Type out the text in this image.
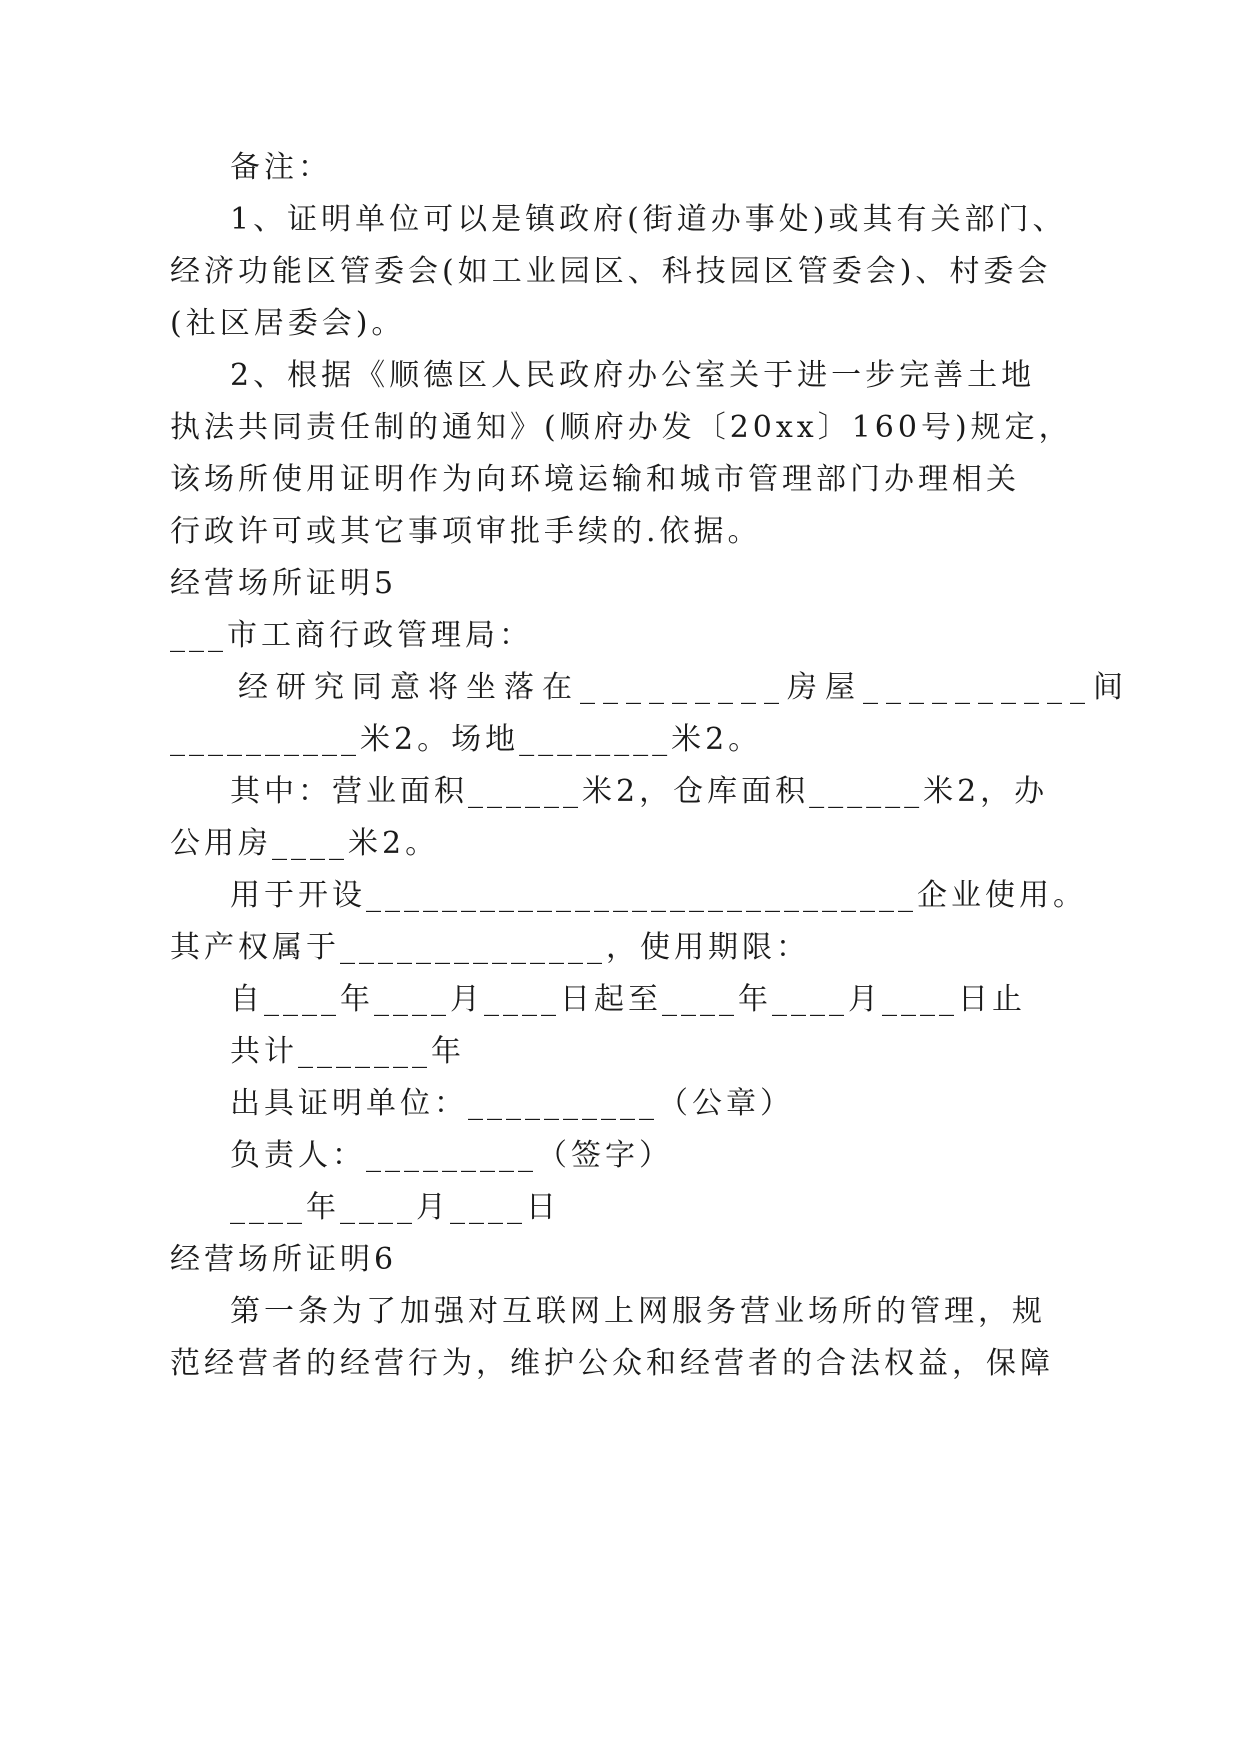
备注：
1、证明单位可以是镇政府(街道办事处)或其有关部门、
经济功能区管委会(如工业园区、科技园区管委会)、村委会
(社区居委会)。
2、根据《顺德区人民政府办公室关于进一步完善土地
执法共同责任制的通知》(顺府办发〔20xx〕160号)规定，
该场所使用证明作为向环境运输和城市管理部门办理相关
行政许可或其它事项审批手续的.依据。
经营场所证明5
___市工商行政管理局：
经研究同意将坐落在_________房屋__________间
__________米2。场地________米2。
其中：营业面积______米2，仓库面积______米2，办
公用房____米2。
用于开设_____________________________企业使用。
其产权属于______________，使用期限：
自____年____月____日起至____年____月____日止
共计_______年
出具证明单位：__________（公章）
负责人：_________（签字）
____年____月____日
经营场所证明6
第一条为了加强对互联网上网服务营业场所的管理，规
范经营者的经营行为，维护公众和经营者的合法权益，保障
